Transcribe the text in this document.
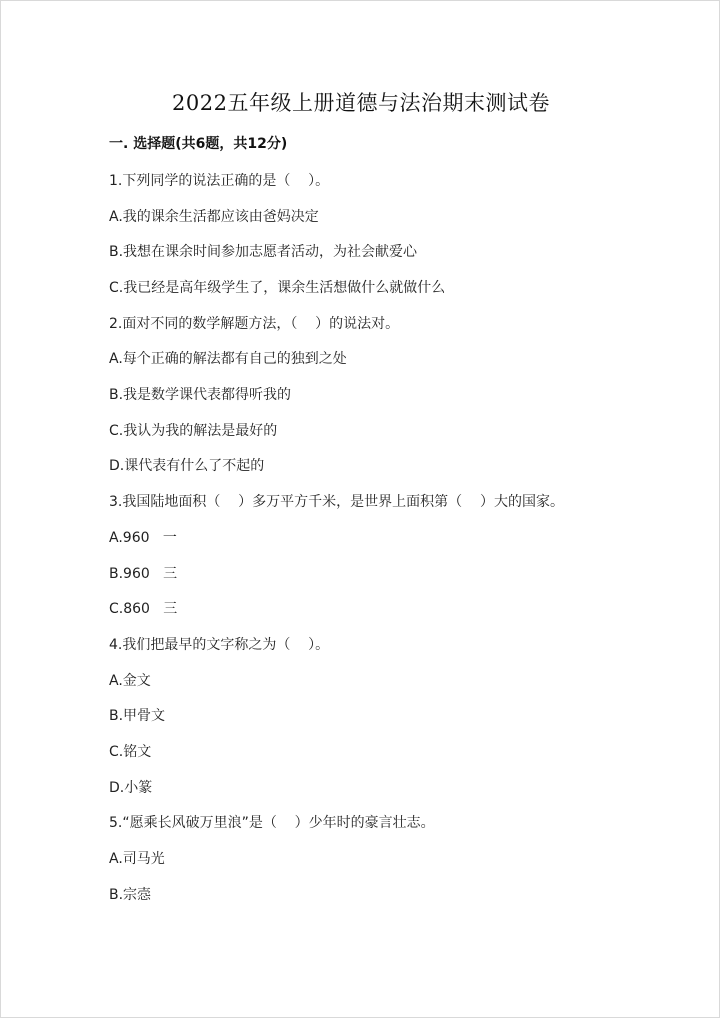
2022五年级上册道德与法治期末测试卷
一. 选择题(共6题，共12分)
1.下列同学的说法正确的是（    ）。
A.我的课余生活都应该由爸妈决定
B.我想在课余时间参加志愿者活动，为社会献爱心
C.我已经是高年级学生了，课余生活想做什么就做什么
2.面对不同的数学解题方法，（    ）的说法对。
A.每个正确的解法都有自己的独到之处
B.我是数学课代表都得听我的
C.我认为我的解法是最好的
D.课代表有什么了不起的
3.我国陆地面积（    ）多万平方千米，是世界上面积第（    ）大的国家。
A.960   一
B.960   三
C.860   三
4.我们把最早的文字称之为（    ）。
A.金文
B.甲骨文
C.铭文
D.小篆
5.“愿乘长风破万里浪”是（    ）少年时的豪言壮志。
A.司马光
B.宗悫
